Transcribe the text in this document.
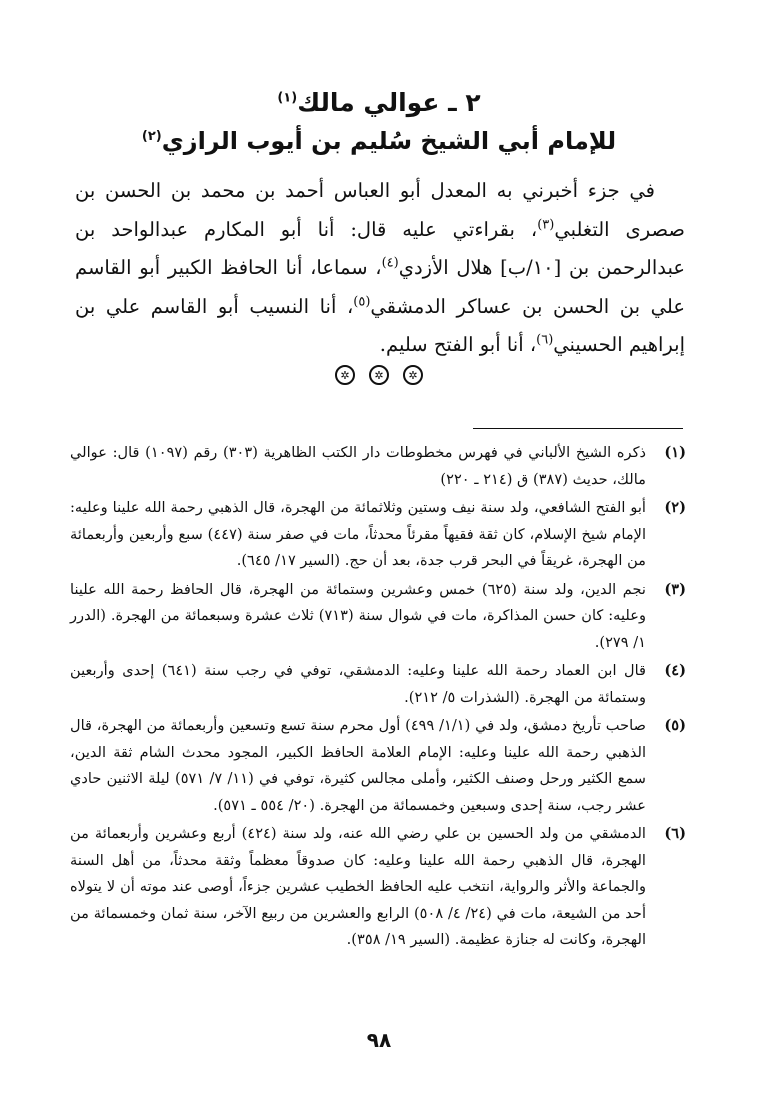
٢ ـ عوالي مالك$^{(١)}$
للإمام أبي الشيخ سُليم بن أيوب الرازي$^{(٢)}$
في جزء أخبرني به المعدل أبو العباس أحمد بن محمد بن الحسن بن صصرى التغلبي$^{(٣)}$، بقراءتي عليه قال: أنا أبو المكارم عبدالواحد بن عبدالرحمن بن [١٠/ب] هلال الأزدي$^{(٤)}$، سماعا، أنا الحافظ الكبير أبو القاسم علي بن الحسن بن عساكر الدمشقي$^{(٥)}$، أنا النسيب أبو القاسم علي بن إبراهيم الحسيني$^{(٦)}$، أنا أبو الفتح سليم.
✲	✲	✲
(١)
ذكره الشيخ الألباني في فهرس مخطوطات دار الكتب الظاهرية (٣٠٣) رقم (١٠٩٧) قال: عوالي مالك، حديث (٣٨٧) ق (٢١٤ ـ ٢٢٠)
(٢)
أبو الفتح الشافعي، ولد سنة نيف وستين وثلاثمائة من الهجرة، قال الذهبي رحمة الله علينا وعليه: الإمام شيخ الإسلام، كان ثقة فقيهاً مقرئاً محدثاً، مات في صفر سنة (٤٤٧) سبع وأربعين وأربعمائة من الهجرة، غريقاً في البحر قرب جدة، بعد أن حج. (السير ١٧/ ٦٤٥).
(٣)
نجم الدين، ولد سنة (٦٢٥) خمس وعشرين وستمائة من الهجرة، قال الحافظ رحمة الله علينا وعليه: كان حسن المذاكرة، مات في شوال سنة (٧١٣) ثلاث عشرة وسبعمائة من الهجرة. (الدرر ١/ ٢٧٩).
(٤)
قال ابن العماد رحمة الله علينا وعليه: الدمشقي، توفي في رجب سنة (٦٤١) إحدى وأربعين وستمائة من الهجرة. (الشذرات ٥/ ٢١٢).
(٥)
صاحب تأريخ دمشق، ولد في (١/١/ ٤٩٩) أول محرم سنة تسع وتسعين وأربعمائة من الهجرة، قال الذهبي رحمة الله علينا وعليه: الإمام العلامة الحافظ الكبير، المجود محدث الشام ثقة الدين، سمع الكثير ورحل وصنف الكثير، وأملى مجالس كثيرة، توفي في (١١/ ٧/ ٥٧١) ليلة الاثنين حادي عشر رجب، سنة إحدى وسبعين وخمسمائة من الهجرة. (٢٠/ ٥٥٤ ـ ٥٧١).
(٦)
الدمشقي من ولد الحسين بن علي رضي الله عنه، ولد سنة (٤٢٤) أربع وعشرين وأربعمائة من الهجرة، قال الذهبي رحمة الله علينا وعليه: كان صدوقاً معظماً وثقة محدثاً، من أهل السنة والجماعة والأثر والرواية، انتخب عليه الحافظ الخطيب عشرين جزءاً، أوصى عند موته أن لا يتولاه أحد من الشيعة، مات في (٢٤/ ٤/ ٥٠٨) الرابع والعشرين من ربيع الآخر، سنة ثمان وخمسمائة من الهجرة، وكانت له جنازة عظيمة. (السير ١٩/ ٣٥٨).
٩٨
